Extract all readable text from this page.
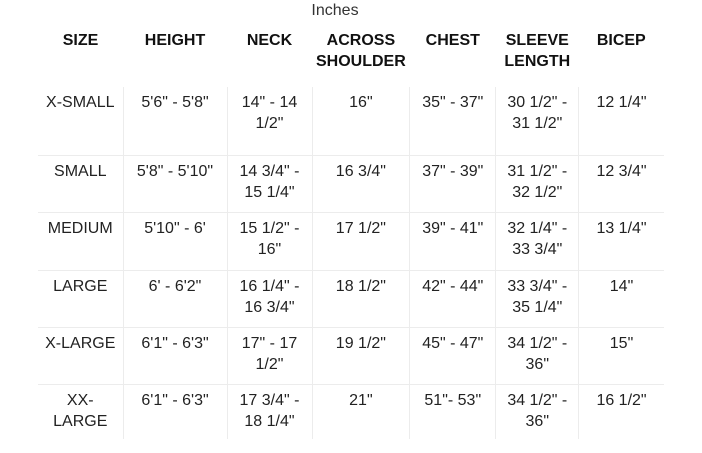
Inches
SIZE	HEIGHT	NECK	ACROSS SHOULDER	CHEST	SLEEVE LENGTH	BICEP
X-SMALL	5'6" - 5'8"	14" - 14 1/2"	16"	35" - 37"	30 1/2" - 31 1/2"	12 1/4"
SMALL	5'8" - 5'10"	14 3/4" - 15 1/4"	16 3/4"	37" - 39"	31 1/2" - 32 1/2"	12 3/4"
MEDIUM	5'10" - 6'	15 1/2" - 16"	17 1/2"	39" - 41"	32 1/4" - 33 3/4"	13 1/4"
LARGE	6' - 6'2"	16 1/4" - 16 3/4"	18 1/2"	42" - 44"	33 3/4" - 35 1/4"	14"
X-LARGE	6'1" - 6'3"	17" - 17 1/2"	19 1/2"	45" - 47"	34 1/2" - 36"	15"
XX-LARGE	6'1" - 6'3"	17 3/4" - 18 1/4"	21"	51"- 53"	34 1/2" - 36"	16 1/2"
